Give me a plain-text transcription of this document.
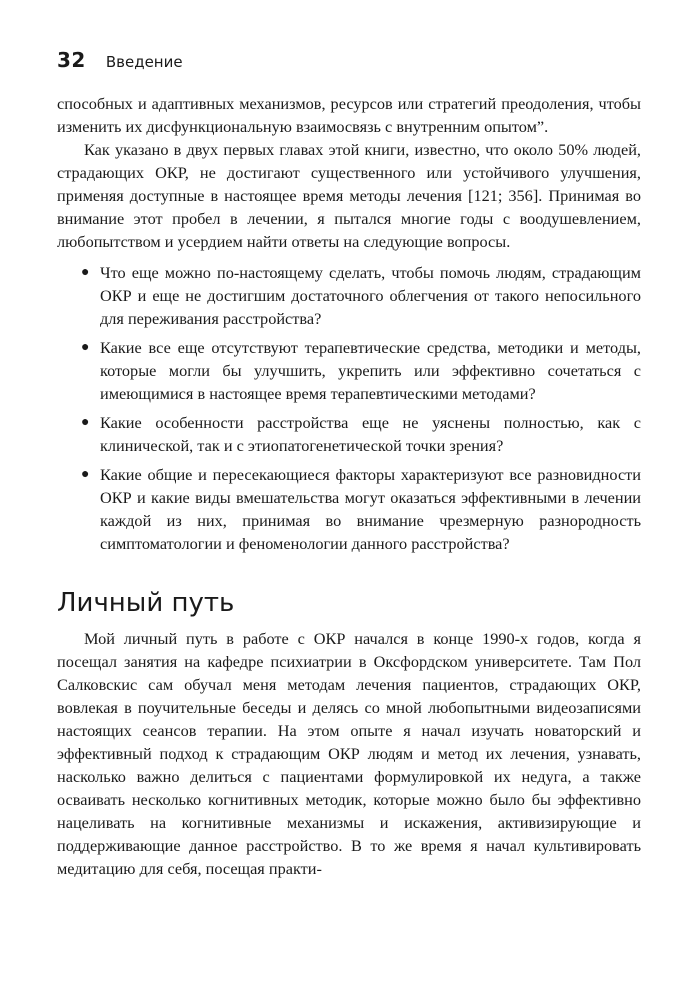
32 Введение

способных и адаптивных механизмов, ресурсов или стратегий преодоления, чтобы изменить их дисфункциональную взаимосвязь с внутренним опытом”.

Как указано в двух первых главах этой книги, известно, что около 50% людей, страдающих ОКР, не достигают существенного или устойчивого улучшения, применяя доступные в настоящее время методы лечения [121; 356]. Принимая во внимание этот пробел в лечении, я пытался многие годы с воодушевлением, любопытством и усердием найти ответы на следующие вопросы.

● Что еще можно по-настоящему сделать, чтобы помочь людям, страдающим ОКР и еще не достигшим достаточного облегчения от такого непосильного для переживания расстройства?
● Какие все еще отсутствуют терапевтические средства, методики и методы, которые могли бы улучшить, укрепить или эффективно сочетаться с имеющимися в настоящее время терапевтическими методами?
● Какие особенности расстройства еще не уяснены полностью, как с клинической, так и с этиопатогенетической точки зрения?
● Какие общие и пересекающиеся факторы характеризуют все разновидности ОКР и какие виды вмешательства могут оказаться эффективными в лечении каждой из них, принимая во внимание чрезмерную разнородность симптоматологии и феноменологии данного расстройства?
Личный путь

Мой личный путь в работе с ОКР начался в конце 1990-х годов, когда я посещал занятия на кафедре психиатрии в Оксфордском университете. Там Пол Салковскис сам обучал меня методам лечения пациентов, страдающих ОКР, вовлекая в поучительные беседы и делясь со мной любопытными видеозаписями настоящих сеансов терапии. На этом опыте я начал изучать новаторский и эффективный подход к страдающим ОКР людям и метод их лечения, узнавать, насколько важно делиться с пациентами формулировкой их недуга, а также осваивать несколько когнитивных методик, которые можно было бы эффективно нацеливать на когнитивные механизмы и искажения, активизирующие и поддерживающие данное расстройство. В то же время я начал культивировать медитацию для себя, посещая практи-
